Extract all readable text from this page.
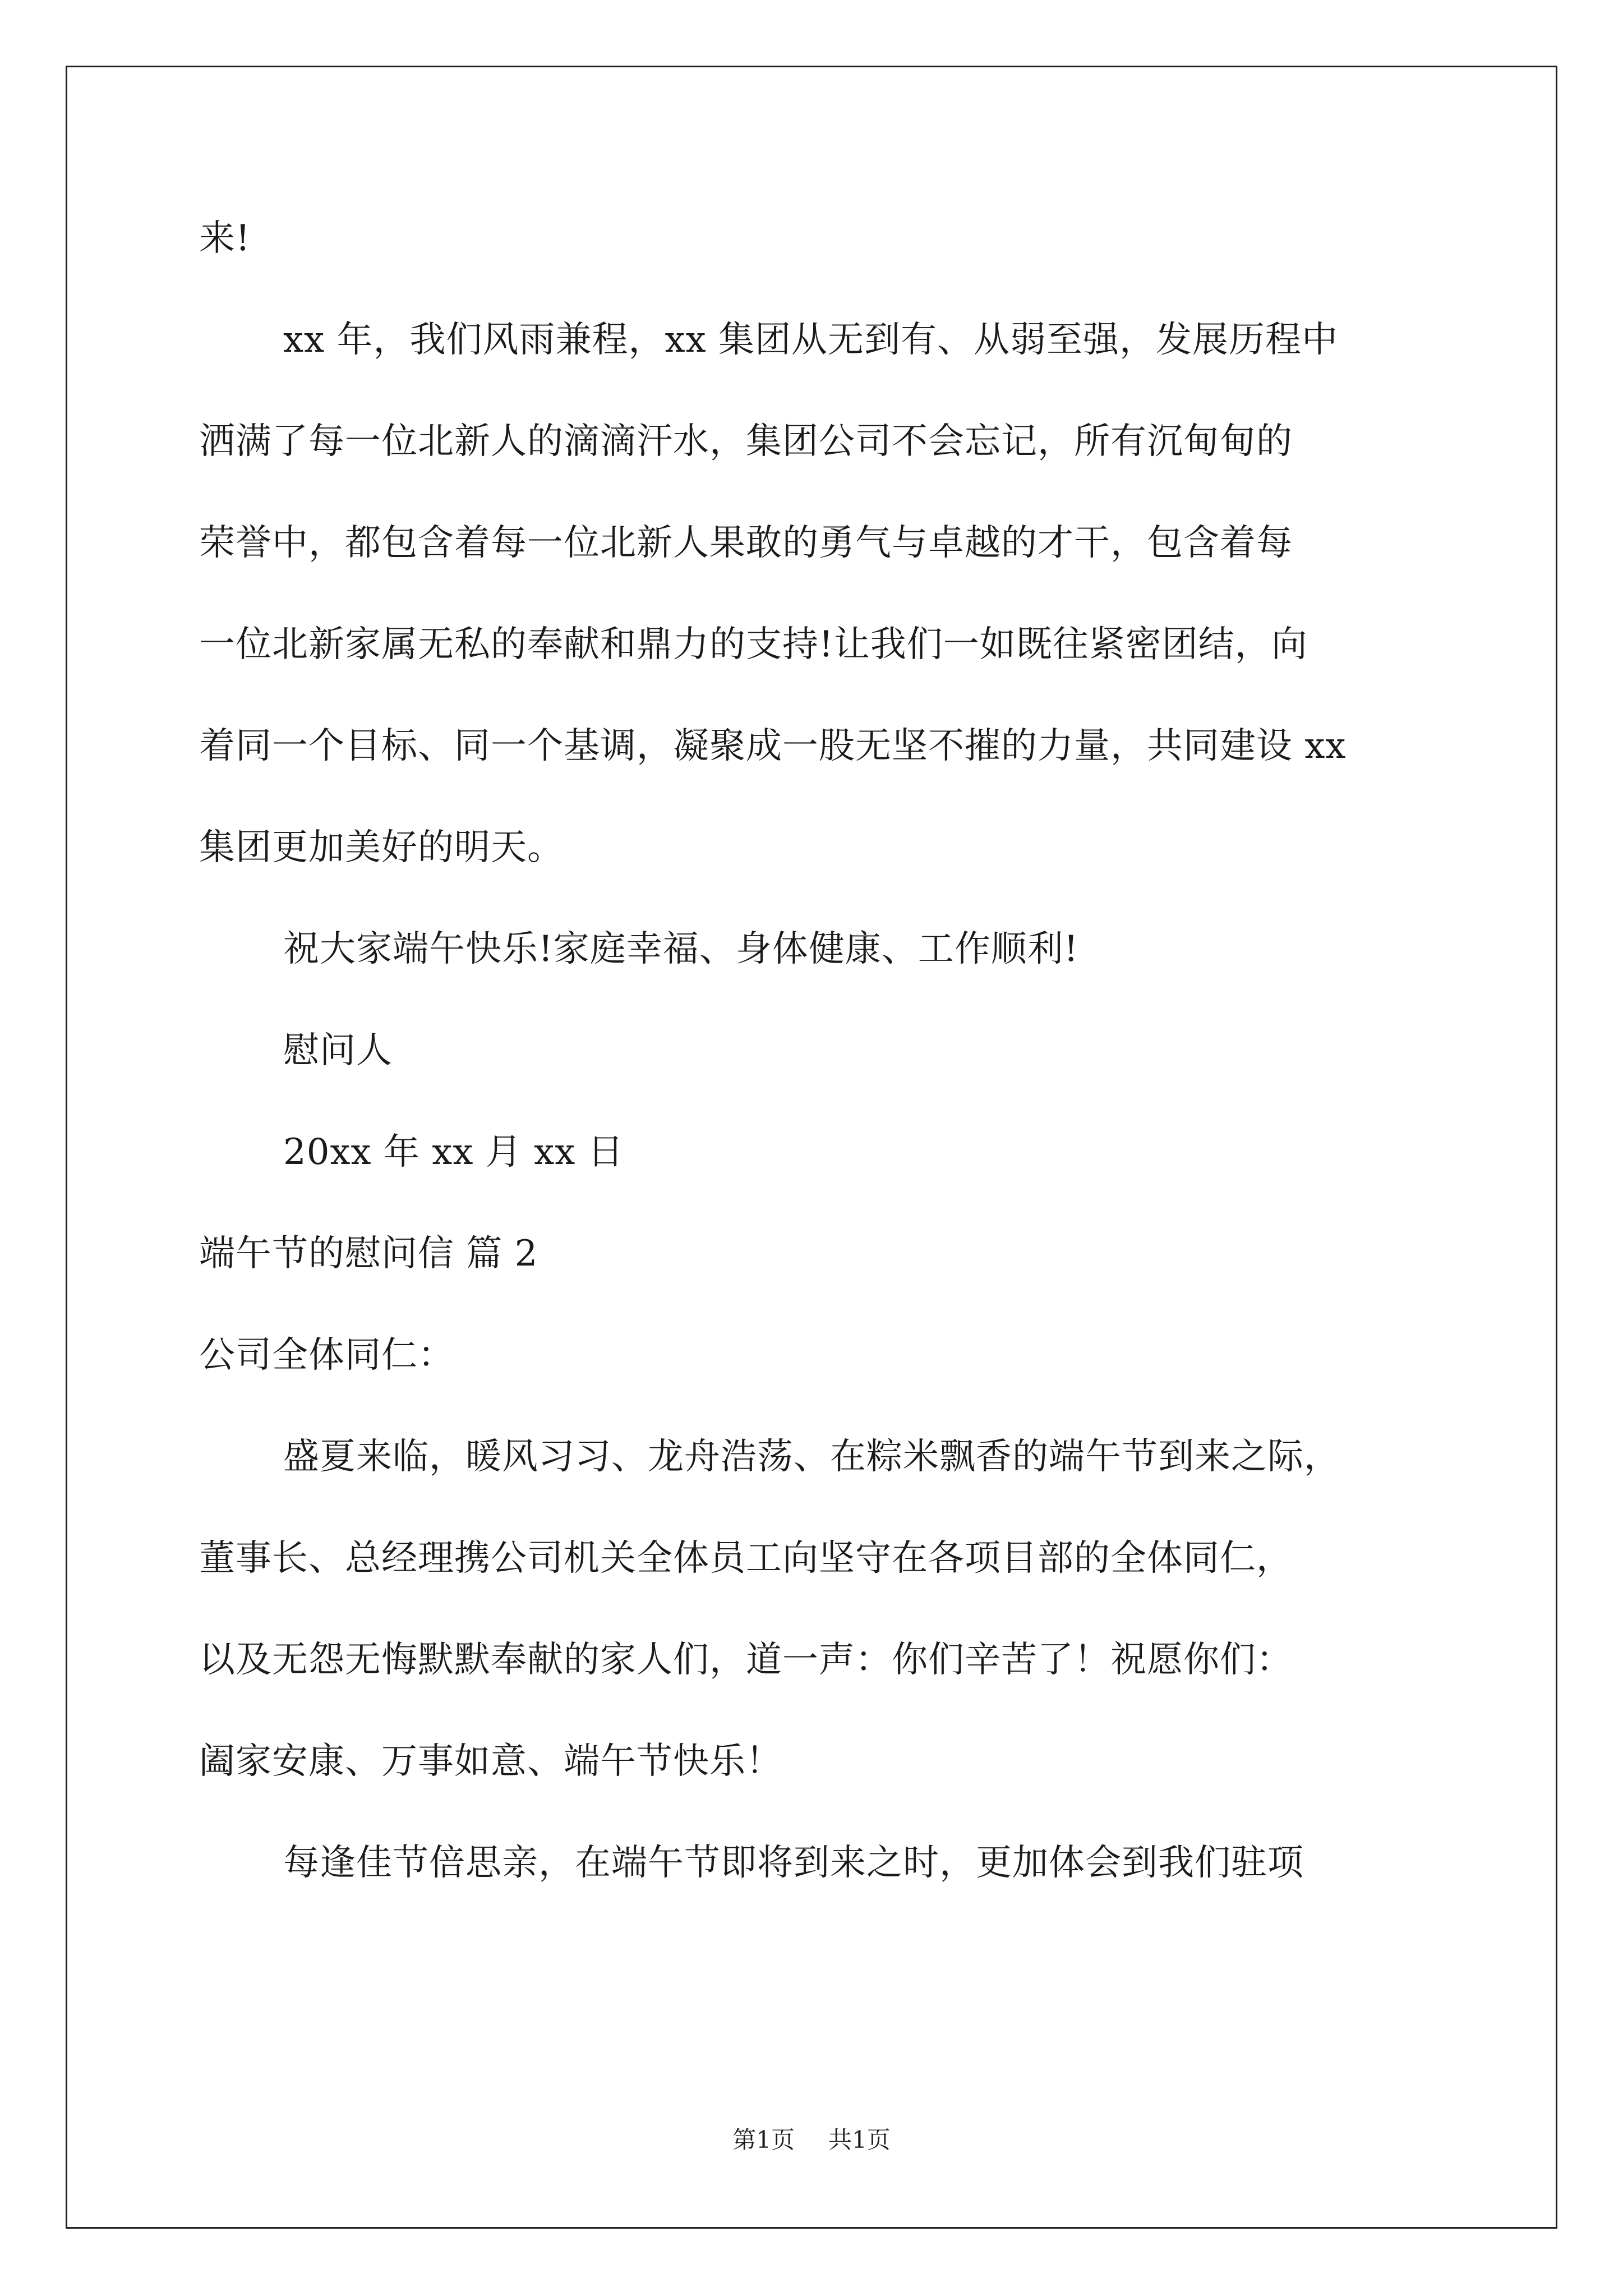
来!
xx 年，我们风雨兼程，xx 集团从无到有、从弱至强，发展历程中
洒满了每一位北新人的滴滴汗水，集团公司不会忘记，所有沉甸甸的
荣誉中，都包含着每一位北新人果敢的勇气与卓越的才干，包含着每
一位北新家属无私的奉献和鼎力的支持!让我们一如既往紧密团结，向
着同一个目标、同一个基调，凝聚成一股无坚不摧的力量，共同建设 xx
集团更加美好的明天。
祝大家端午快乐!家庭幸福、身体健康、工作顺利!
慰问人
20xx 年 xx 月 xx 日
端午节的慰问信 篇 2
公司全体同仁：
盛夏来临，暖风习习、龙舟浩荡、在粽米飘香的端午节到来之际，
董事长、总经理携公司机关全体员工向坚守在各项目部的全体同仁，
以及无怨无悔默默奉献的家人们，道一声：你们辛苦了！祝愿你们：
阖家安康、万事如意、端午节快乐！
每逢佳节倍思亲，在端午节即将到来之时，更加体会到我们驻项
第1页 共1页
